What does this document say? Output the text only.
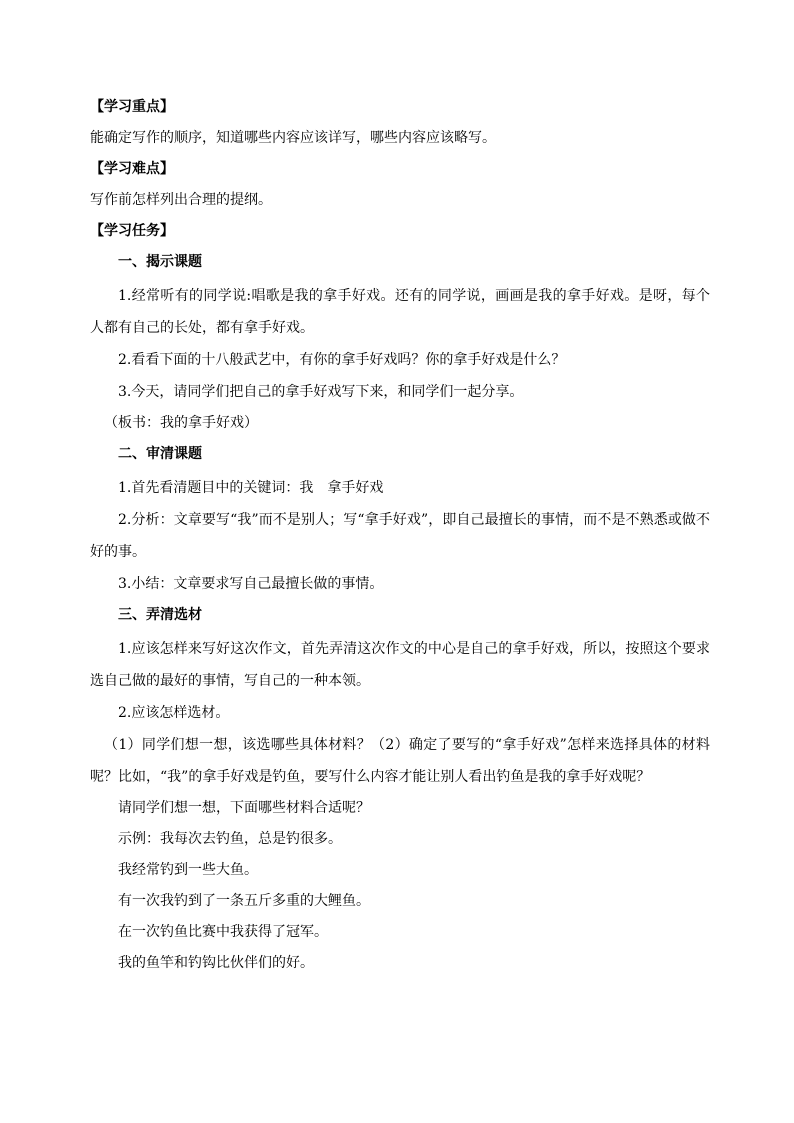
【学习重点】
能确定写作的顺序，知道哪些内容应该详写，哪些内容应该略写。
【学习难点】
写作前怎样列出合理的提纲。
【学习任务】
一、揭示课题

1.经常听有的同学说:唱歌是我的拿手好戏。还有的同学说，画画是我的拿手好戏。是呀，每个人都有自己的长处，都有拿手好戏。

2.看看下面的十八般武艺中，有你的拿手好戏吗？你的拿手好戏是什么？

3.今天，请同学们把自己的拿手好戏写下来，和同学们一起分享。

（板书：我的拿手好戏）
二、审清课题

1.首先看清题目中的关键词：我　拿手好戏

2.分析：文章要写“我”而不是别人；写“拿手好戏”，即自己最擅长的事情，而不是不熟悉或做不好的事。

3.小结：文章要求写自己最擅长做的事情。

三、弄清选材

1.应该怎样来写好这次作文，首先弄清这次作文的中心是自己的拿手好戏，所以，按照这个要求选自己做的最好的事情，写自己的一种本领。

2.应该怎样选材。

（1）同学们想一想，该选哪些具体材料？（2）确定了要写的“拿手好戏”怎样来选择具体的材料呢？比如，“我”的拿手好戏是钓鱼，要写什么内容才能让别人看出钓鱼是我的拿手好戏呢？

请同学们想一想，下面哪些材料合适呢？
示例：我每次去钓鱼，总是钓很多。
我经常钓到一些大鱼。
有一次我钓到了一条五斤多重的大鲤鱼。
在一次钓鱼比赛中我获得了冠军。
我的鱼竿和钓钩比伙伴们的好。
